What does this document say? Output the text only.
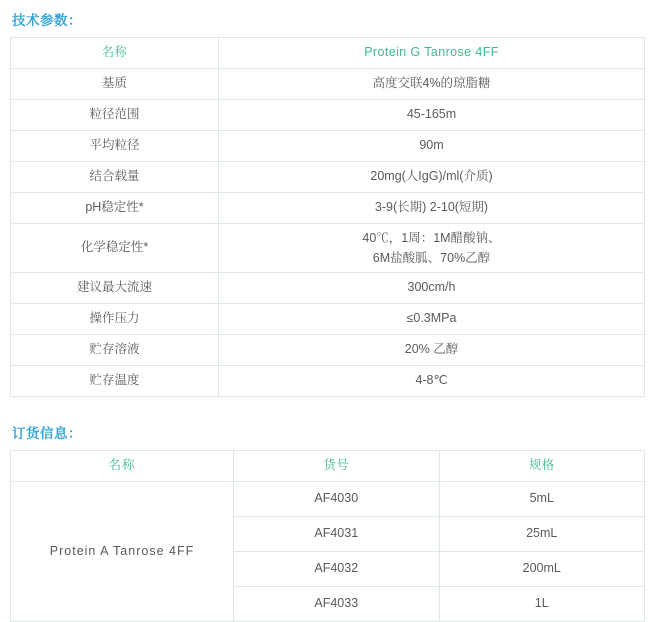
技术参数：
名称	Protein G Tanrose 4FF
基质	高度交联4%的琼脂糖
粒径范围	45-165m
平均粒径	90m
结合载量	20mg(人IgG)/ml(介质)
pH稳定性*	3-9(长期) 2-10(短期)
化学稳定性*	40℃，1周：1M醋酸钠、
6M盐酸胍、70%乙醇

建议最大流速	300cm/h
操作压力	≤0.3MPa
贮存溶液	20% 乙醇
贮存温度	4-8℃
订货信息：
名称	货号	规格
Protein A Tanrose 4FF	AF4030	5mL
	AF4031	25mL
	AF4032	200mL
	AF4033	1L
